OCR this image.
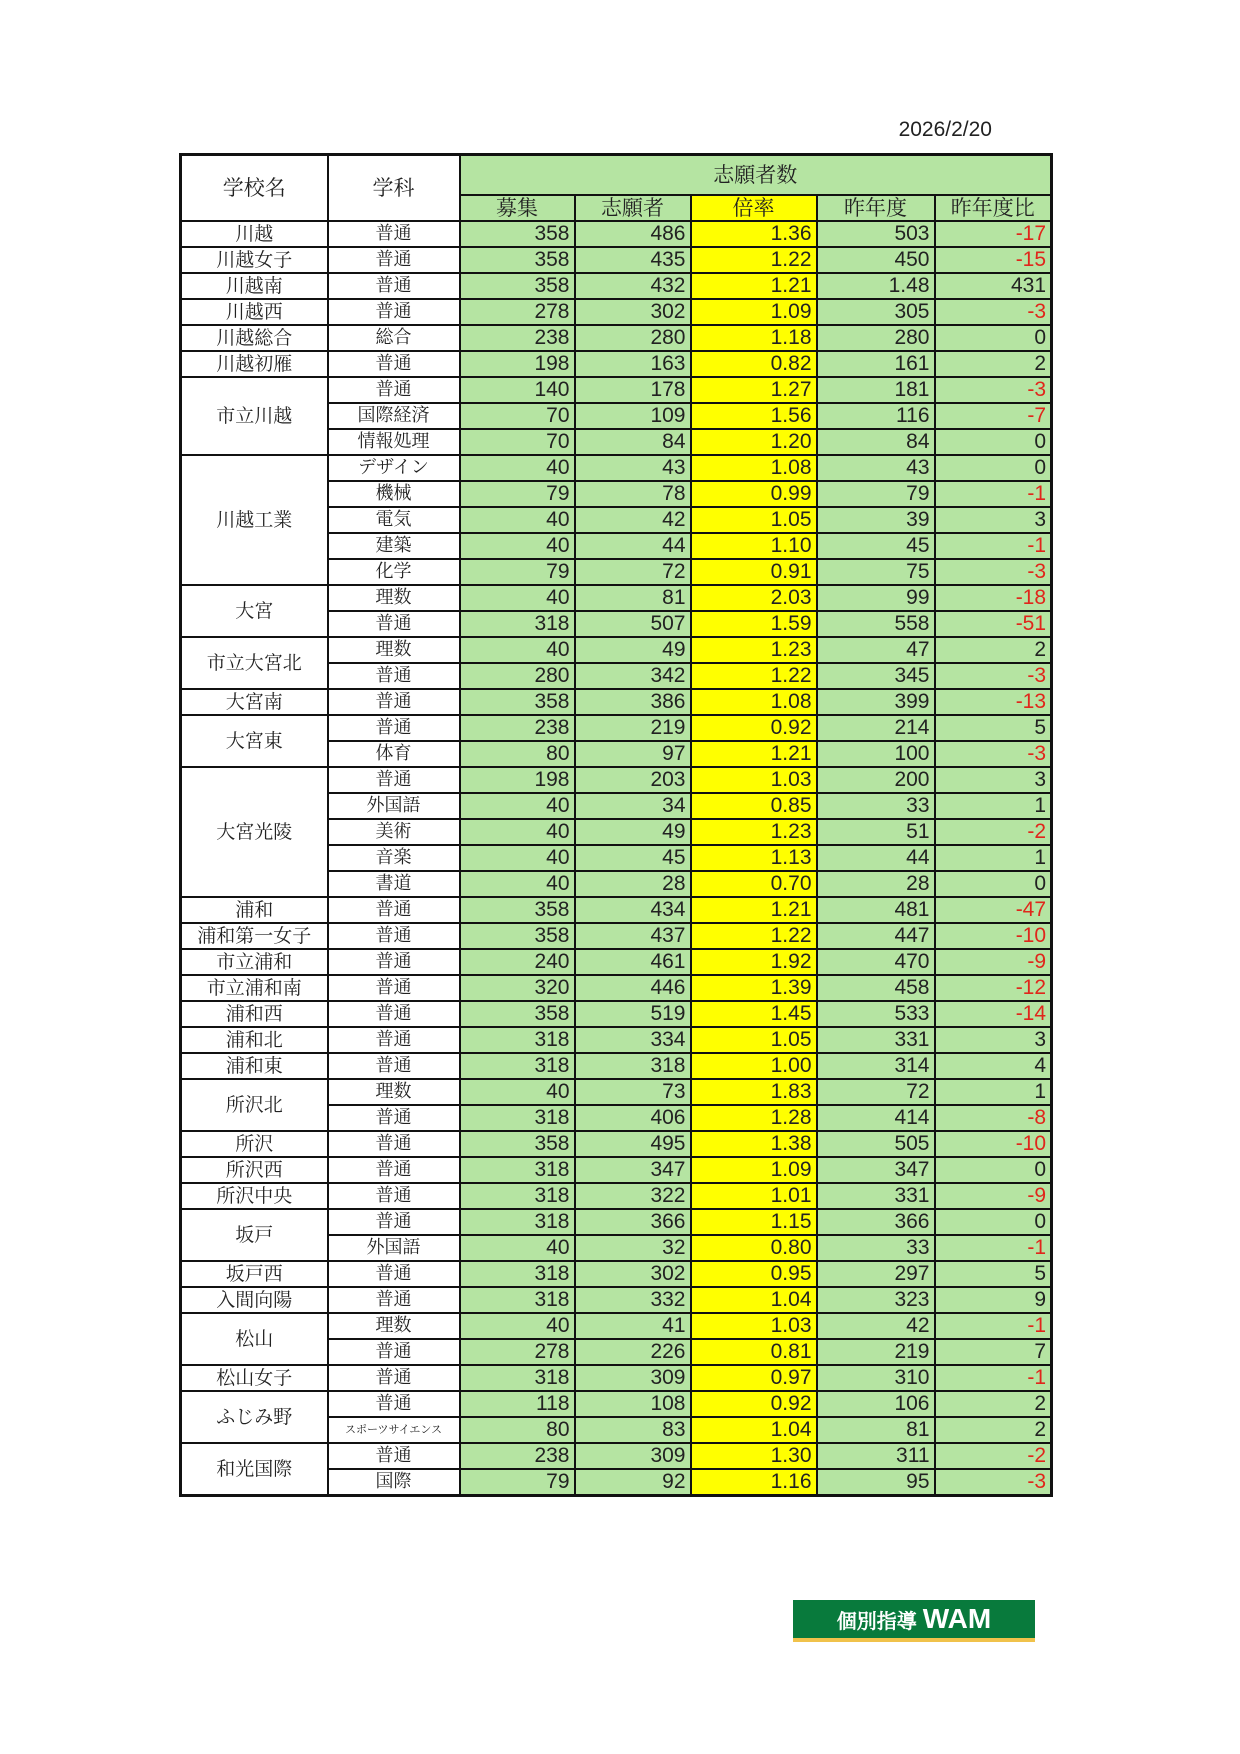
2026/2/20
学校名	学科	志願者数				
		募集	志願者	倍率	昨年度	昨年度比
川越	普通	358	486	1.36	503	-17
川越女子	普通	358	435	1.22	450	-15
川越南	普通	358	432	1.21	1.48	431
川越西	普通	278	302	1.09	305	-3
川越総合	総合	238	280	1.18	280	0
川越初雁	普通	198	163	0.82	161	2
市立川越	普通	140	178	1.27	181	-3
	国際経済	70	109	1.56	116	-7
	情報処理	70	84	1.20	84	0
川越工業	デザイン	40	43	1.08	43	0
	機械	79	78	0.99	79	-1
	電気	40	42	1.05	39	3
	建築	40	44	1.10	45	-1
	化学	79	72	0.91	75	-3
大宮	理数	40	81	2.03	99	-18
	普通	318	507	1.59	558	-51
市立大宮北	理数	40	49	1.23	47	2
	普通	280	342	1.22	345	-3
大宮南	普通	358	386	1.08	399	-13
大宮東	普通	238	219	0.92	214	5
	体育	80	97	1.21	100	-3
大宮光陵	普通	198	203	1.03	200	3
	外国語	40	34	0.85	33	1
	美術	40	49	1.23	51	-2
	音楽	40	45	1.13	44	1
	書道	40	28	0.70	28	0
浦和	普通	358	434	1.21	481	-47
浦和第一女子	普通	358	437	1.22	447	-10
市立浦和	普通	240	461	1.92	470	-9
市立浦和南	普通	320	446	1.39	458	-12
浦和西	普通	358	519	1.45	533	-14
浦和北	普通	318	334	1.05	331	3
浦和東	普通	318	318	1.00	314	4
所沢北	理数	40	73	1.83	72	1
	普通	318	406	1.28	414	-8
所沢	普通	358	495	1.38	505	-10
所沢西	普通	318	347	1.09	347	0
所沢中央	普通	318	322	1.01	331	-9
坂戸	普通	318	366	1.15	366	0
	外国語	40	32	0.80	33	-1
坂戸西	普通	318	302	0.95	297	5
入間向陽	普通	318	332	1.04	323	9
松山	理数	40	41	1.03	42	-1
	普通	278	226	0.81	219	7
松山女子	普通	318	309	0.97	310	-1
ふじみ野	普通	118	108	0.92	106	2
	スポーツサイエンス	80	83	1.04	81	2
和光国際	普通	238	309	1.30	311	-2
	国際	79	92	1.16	95	-3
個別指導 WAM
